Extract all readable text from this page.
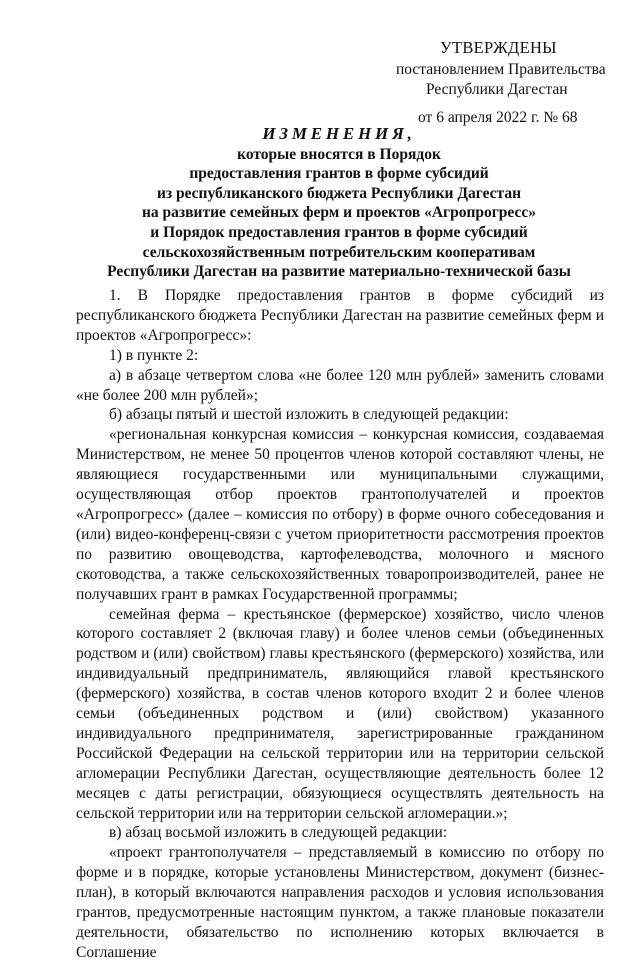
УТВЕРЖДЕНЫ
постановлением Правительства
Республики Дагестан
от 6 апреля 2022 г. № 68
ИЗМЕНЕНИЯ,
которые вносятся в Порядок
предоставления грантов в форме субсидий
из республиканского бюджета Республики Дагестан
на развитие семейных ферм и проектов «Агропрогресс»
и Порядок предоставления грантов в форме субсидий
сельскохозяйственным потребительским кооперативам
Республики Дагестан на развитие материально-технической базы

1. В Порядке предоставления грантов в форме субсидий из республиканского бюджета Республики Дагестан на развитие семейных ферм и проектов «Агропрогресс»:

1) в пункте 2:

а) в абзаце четвертом слова «не более 120 млн рублей» заменить словами «не более 200 млн рублей»;

б) абзацы пятый и шестой изложить в следующей редакции:

«региональная конкурсная комиссия – конкурсная комиссия, создаваемая Министерством, не менее 50 процентов членов которой составляют члены, не являющиеся государственными или муниципальными служащими, осуществляющая отбор проектов грантополучателей и проектов «Агропрогресс» (далее – комиссия по отбору) в форме очного собеседования и (или) видео-конференц-связи с учетом приоритетности рассмотрения проектов по развитию овощеводства, картофелеводства, молочного и мясного скотоводства, а также сельскохозяйственных товаропроизводителей, ранее не получавших грант в рамках Государственной программы;

семейная ферма – крестьянское (фермерское) хозяйство, число членов которого составляет 2 (включая главу) и более членов семьи (объединенных родством и (или) свойством) главы крестьянского (фермерского) хозяйства, или индивидуальный предприниматель, являющийся главой крестьянского (фермерского) хозяйства, в состав членов которого входит 2 и более членов семьи (объединенных родством и (или) свойством) указанного индивидуального предпринимателя, зарегистрированные гражданином Российской Федерации на сельской территории или на территории сельской агломерации Республики Дагестан, осуществляющие деятельность более 12 месяцев с даты регистрации, обязующиеся осуществлять деятельность на сельской территории или на территории сельской агломерации.»;

в) абзац восьмой изложить в следующей редакции:

«проект грантополучателя – представляемый в комиссию по отбору по форме и в порядке, которые установлены Министерством, документ (бизнес-план), в который включаются направления расходов и условия использования грантов, предусмотренные настоящим пунктом, а также плановые показатели деятельности, обязательство по исполнению которых включается в Соглашение
